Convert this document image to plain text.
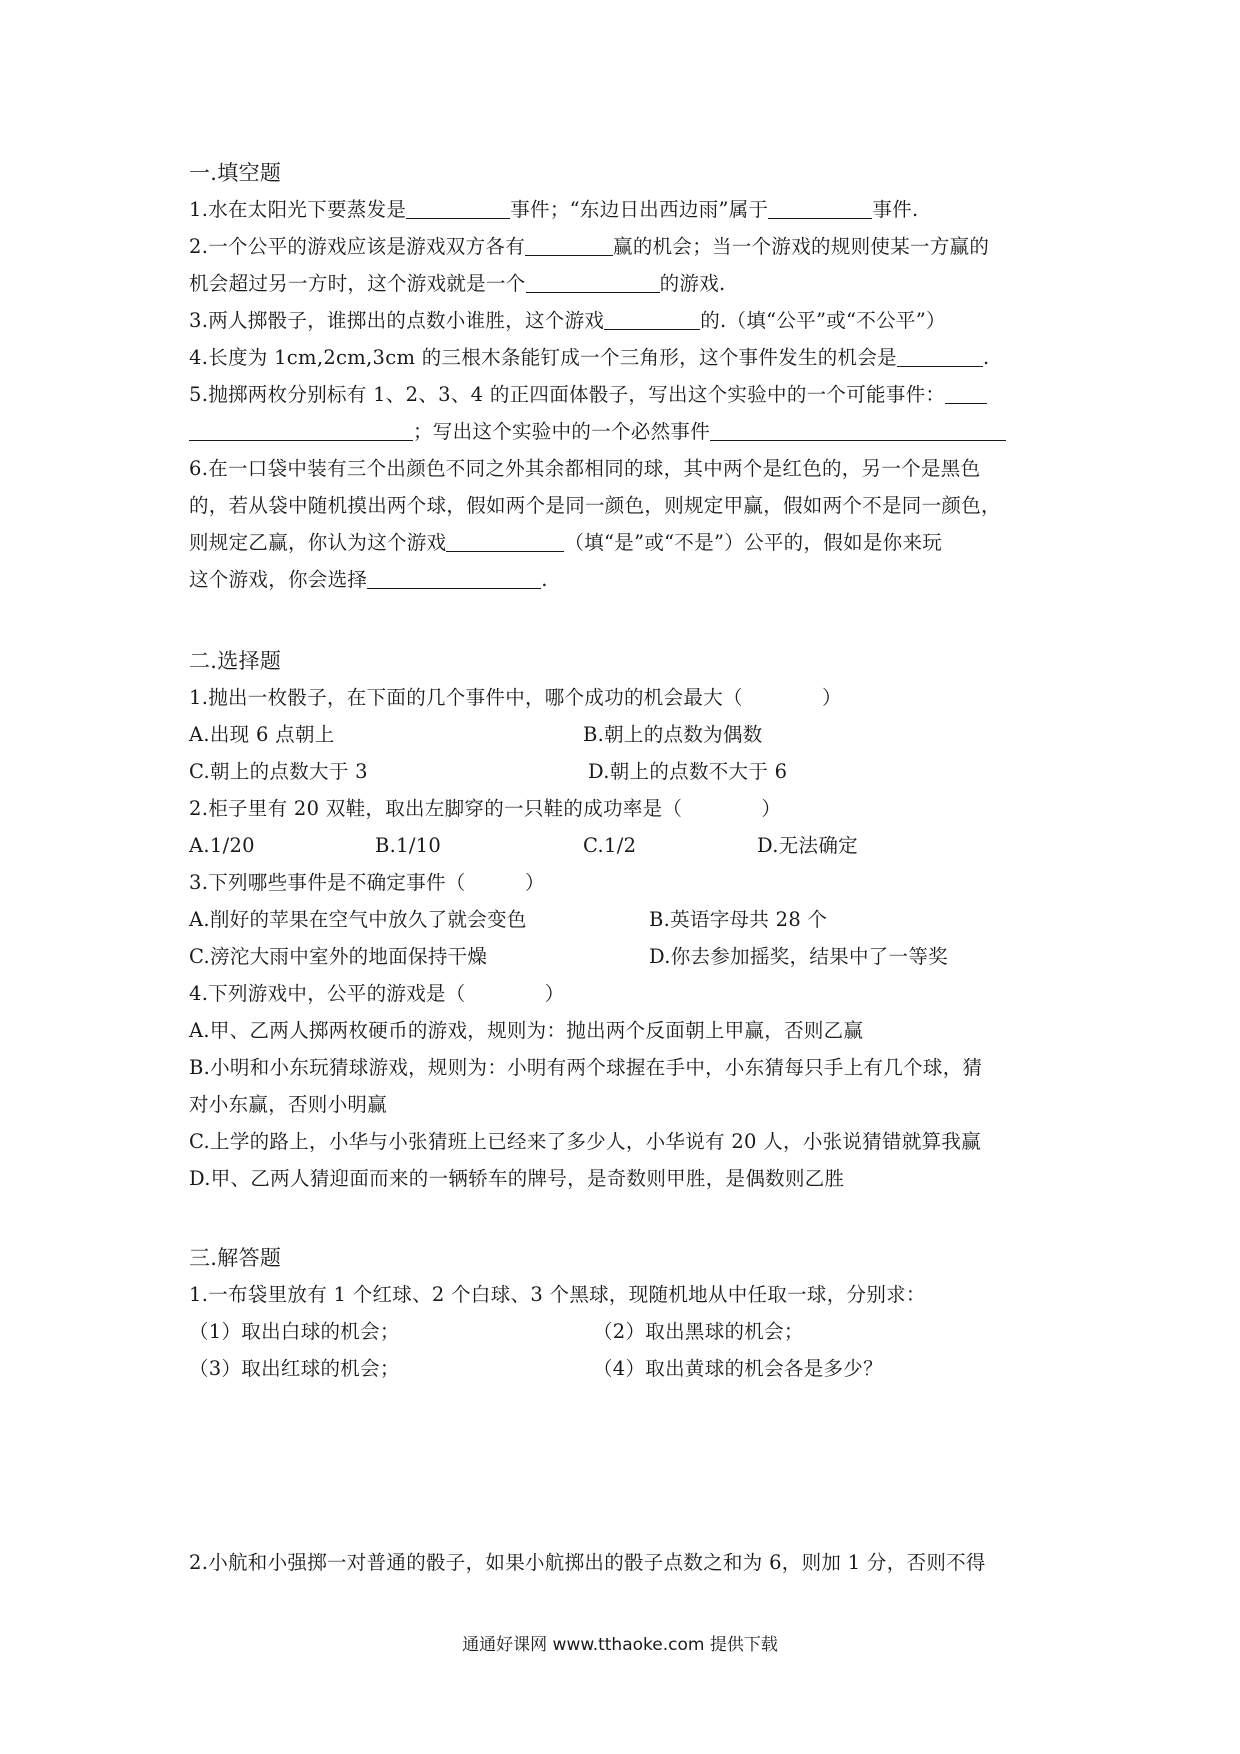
一.填空题
1.水在太阳光下要蒸发是	事件；“东边日出西边雨”属于	事件.
2.一个公平的游戏应该是游戏双方各有	赢的机会；当一个游戏的规则使某一方赢的
机会超过另一方时，这个游戏就是一个	的游戏.
3.两人掷骰子，谁掷出的点数小谁胜，这个游戏	的.（填“公平”或“不公平”）
4.长度为 1cm,2cm,3cm 的三根木条能钉成一个三角形，这个事件发生的机会是	.
5.抛掷两枚分别标有 1、2、3、4 的正四面体骰子，写出这个实验中的一个可能事件：
；写出这个实验中的一个必然事件
6.在一口袋中装有三个出颜色不同之外其余都相同的球，其中两个是红色的，另一个是黑色
的，若从袋中随机摸出两个球，假如两个是同一颜色，则规定甲赢，假如两个不是同一颜色，
则规定乙赢，你认为这个游戏	（填“是”或“不是”）公平的，假如是你来玩
这个游戏，你会选择	.
二.选择题
1.抛出一枚骰子，在下面的几个事件中，哪个成功的机会最大（　　　　）
A.出现 6 点朝上	B.朝上的点数为偶数
C.朝上的点数大于 3	D.朝上的点数不大于 6
2.柜子里有 20 双鞋，取出左脚穿的一只鞋的成功率是（　　　　）
A.1/20	B.1/10	C.1/2	D.无法确定
3.下列哪些事件是不确定事件（　　　）
A.削好的苹果在空气中放久了就会变色	B.英语字母共 28 个
C.滂沱大雨中室外的地面保持干燥	D.你去参加摇奖，结果中了一等奖
4.下列游戏中，公平的游戏是（　　　　）
A.甲、乙两人掷两枚硬币的游戏，规则为：抛出两个反面朝上甲赢，否则乙赢
B.小明和小东玩猜球游戏，规则为：小明有两个球握在手中，小东猜每只手上有几个球，猜
对小东赢，否则小明赢
C.上学的路上，小华与小张猜班上已经来了多少人，小华说有 20 人，小张说猜错就算我赢
D.甲、乙两人猜迎面而来的一辆轿车的牌号，是奇数则甲胜，是偶数则乙胜
三.解答题
1.一布袋里放有 1 个红球、2 个白球、3 个黑球，现随机地从中任取一球，分别求：
（1）取出白球的机会；	（2）取出黑球的机会；
（3）取出红球的机会；	（4）取出黄球的机会各是多少？
2.小航和小强掷一对普通的骰子，如果小航掷出的骰子点数之和为 6，则加 1 分，否则不得
通通好课网 www.tthaoke.com 提供下载
